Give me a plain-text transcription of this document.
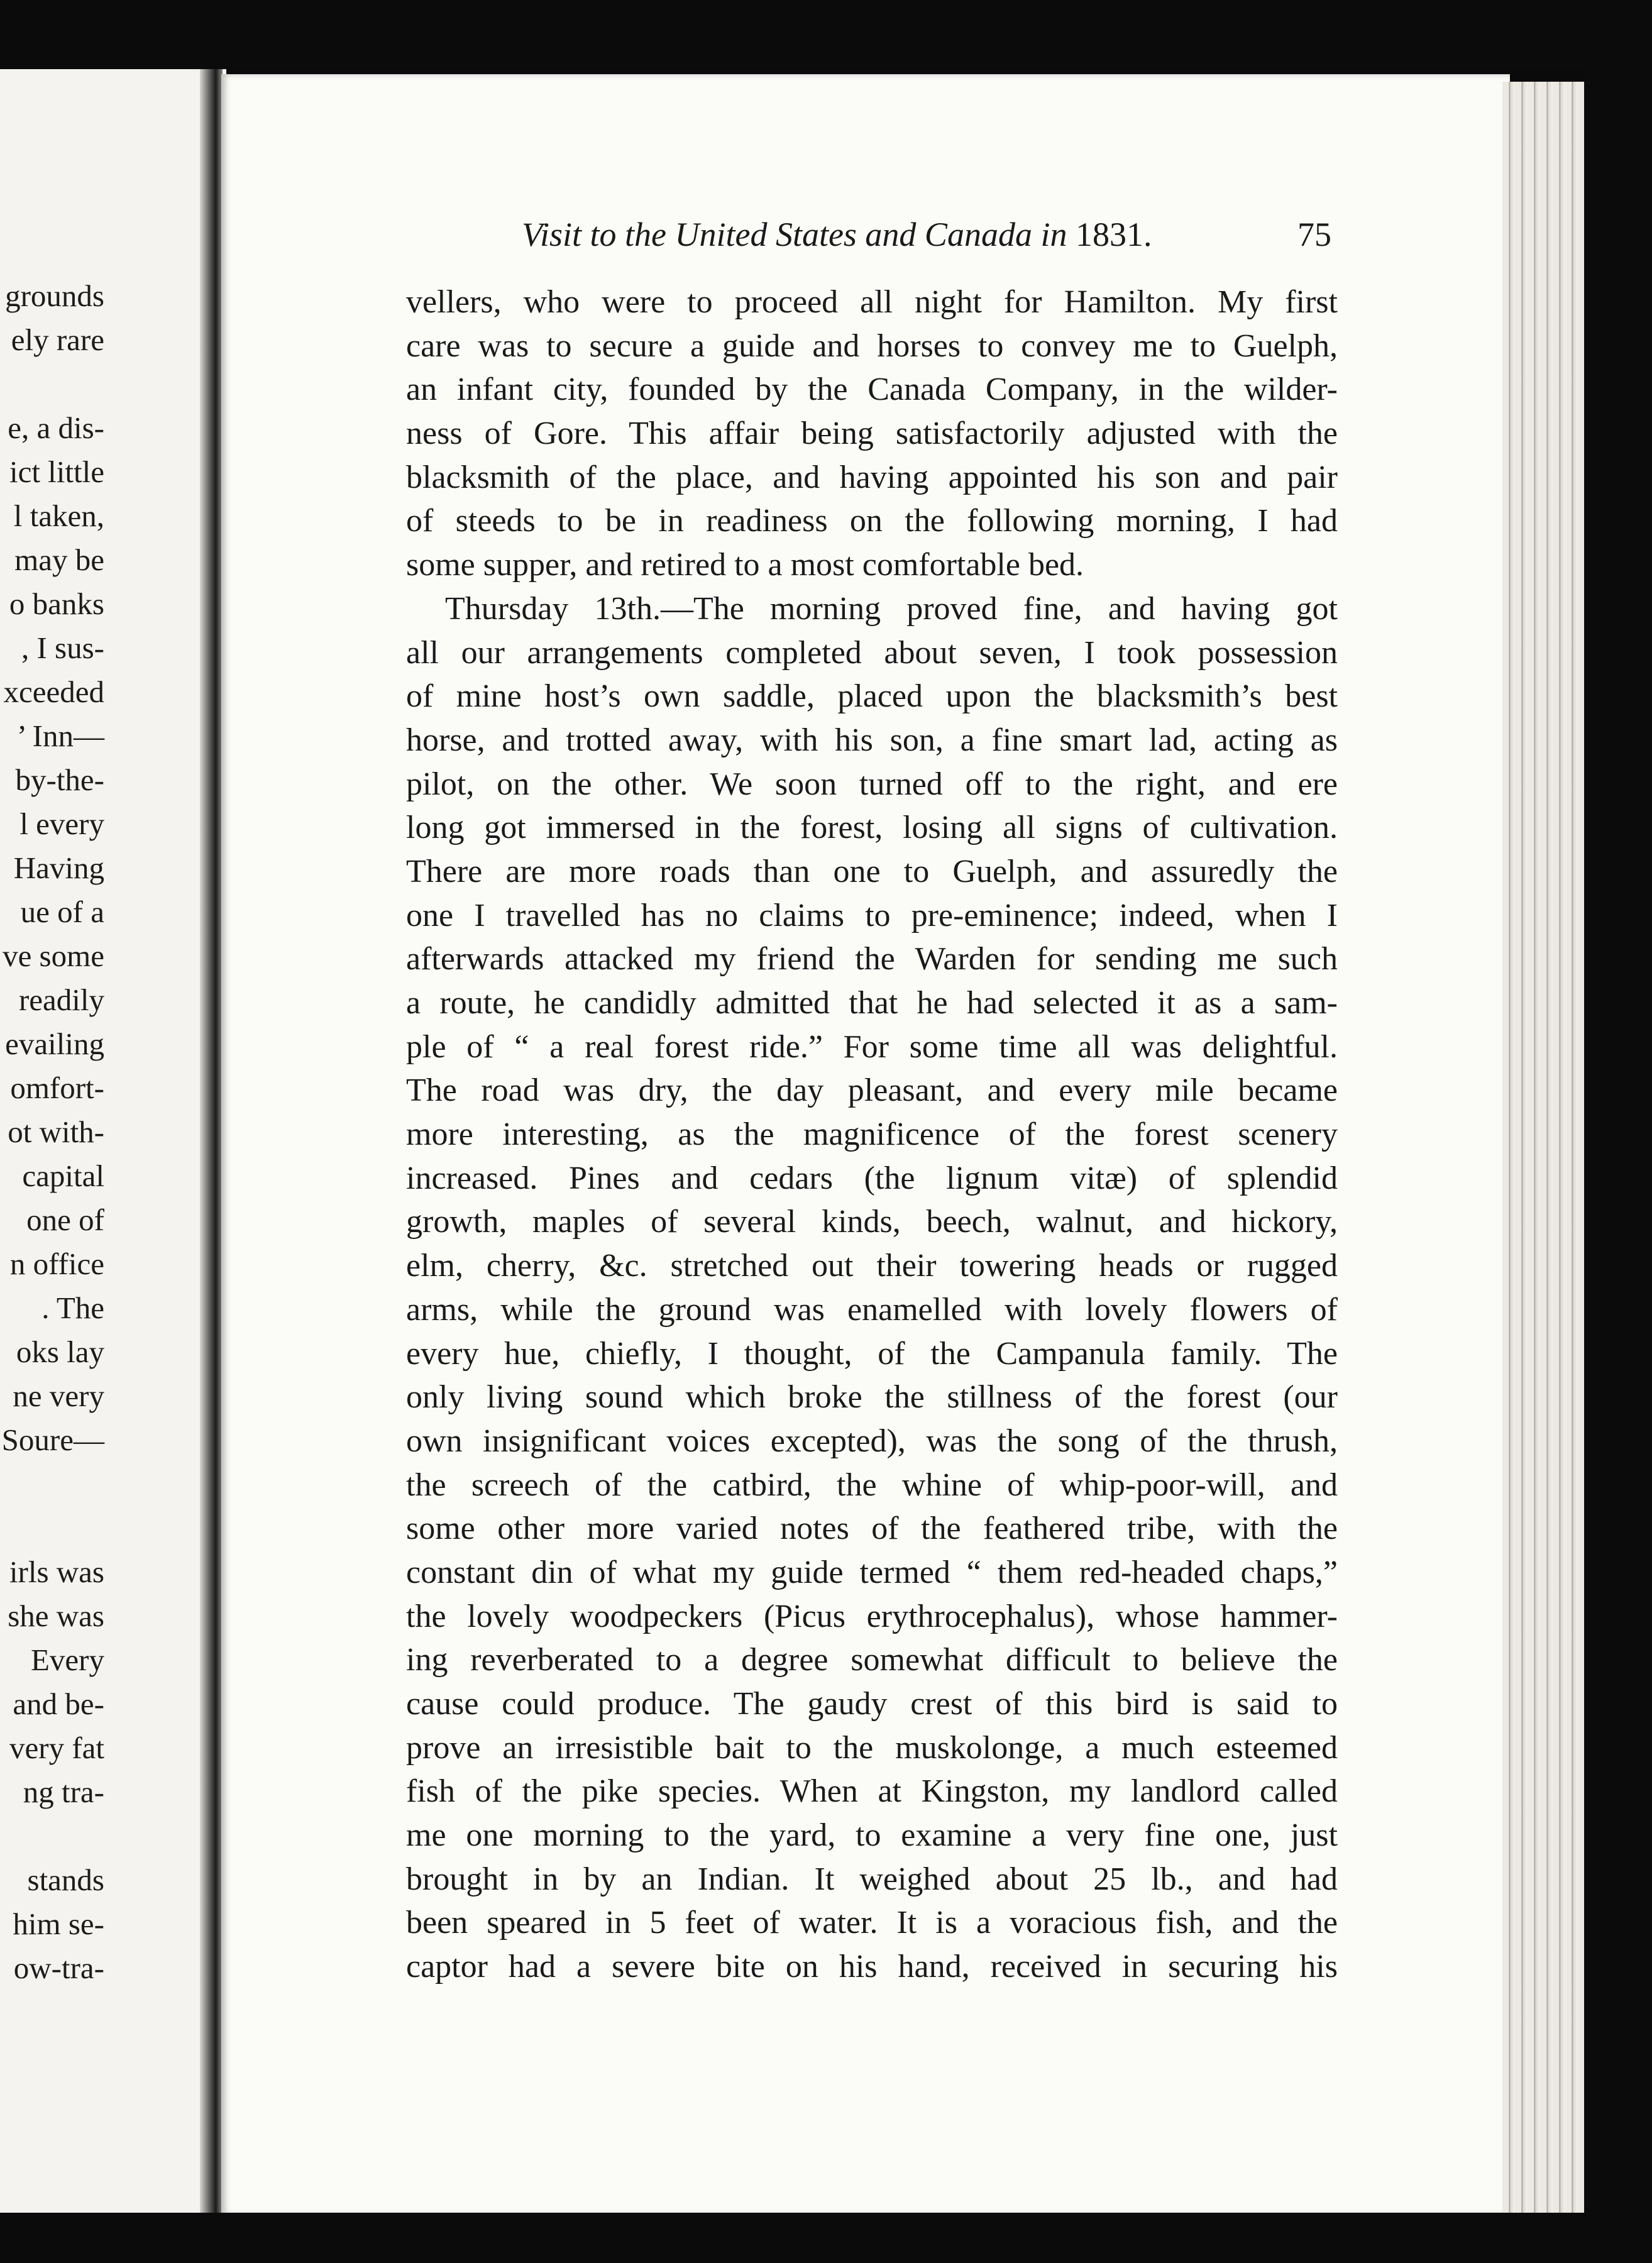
grounds
ely rare
e, a dis-
ict little
l taken,
may be
o banks
, I sus-
xceeded
’ Inn—
by-the-
l every
Having
ue of a
ve some
readily
evailing
omfort-
ot with-
capital
one of
n office
. The
oks lay
ne very
Soure—
irls was
she was
Every
and be-
very fat
ng tra-
stands
him se-
ow-tra-
Visit to the United States and Canada in 1831.	75
vellers, who were to proceed all night for Hamilton. My first
care was to secure a guide and horses to convey me to Guelph,
an infant city, founded by the Canada Company, in the wilder-
ness of Gore. This affair being satisfactorily adjusted with the
blacksmith of the place, and having appointed his son and pair
of steeds to be in readiness on the following morning, I had
some supper, and retired to a most comfortable bed.
Thursday 13th.—The morning proved fine, and having got
all our arrangements completed about seven, I took possession
of mine host’s own saddle, placed upon the blacksmith’s best
horse, and trotted away, with his son, a fine smart lad, acting as
pilot, on the other. We soon turned off to the right, and ere
long got immersed in the forest, losing all signs of cultivation.
There are more roads than one to Guelph, and assuredly the
one I travelled has no claims to pre-eminence; indeed, when I
afterwards attacked my friend the Warden for sending me such
a route, he candidly admitted that he had selected it as a sam-
ple of “ a real forest ride.” For some time all was delightful.
The road was dry, the day pleasant, and every mile became
more interesting, as the magnificence of the forest scenery
increased. Pines and cedars (the lignum vitæ) of splendid
growth, maples of several kinds, beech, walnut, and hickory,
elm, cherry, &c. stretched out their towering heads or rugged
arms, while the ground was enamelled with lovely flowers of
every hue, chiefly, I thought, of the Campanula family. The
only living sound which broke the stillness of the forest (our
own insignificant voices excepted), was the song of the thrush,
the screech of the catbird, the whine of whip-poor-will, and
some other more varied notes of the feathered tribe, with the
constant din of what my guide termed “ them red-headed chaps,”
the lovely woodpeckers (Picus erythrocephalus), whose hammer-
ing reverberated to a degree somewhat difficult to believe the
cause could produce. The gaudy crest of this bird is said to
prove an irresistible bait to the muskolonge, a much esteemed
fish of the pike species. When at Kingston, my landlord called
me one morning to the yard, to examine a very fine one, just
brought in by an Indian. It weighed about 25 lb., and had
been speared in 5 feet of water. It is a voracious fish, and the
captor had a severe bite on his hand, received in securing his
